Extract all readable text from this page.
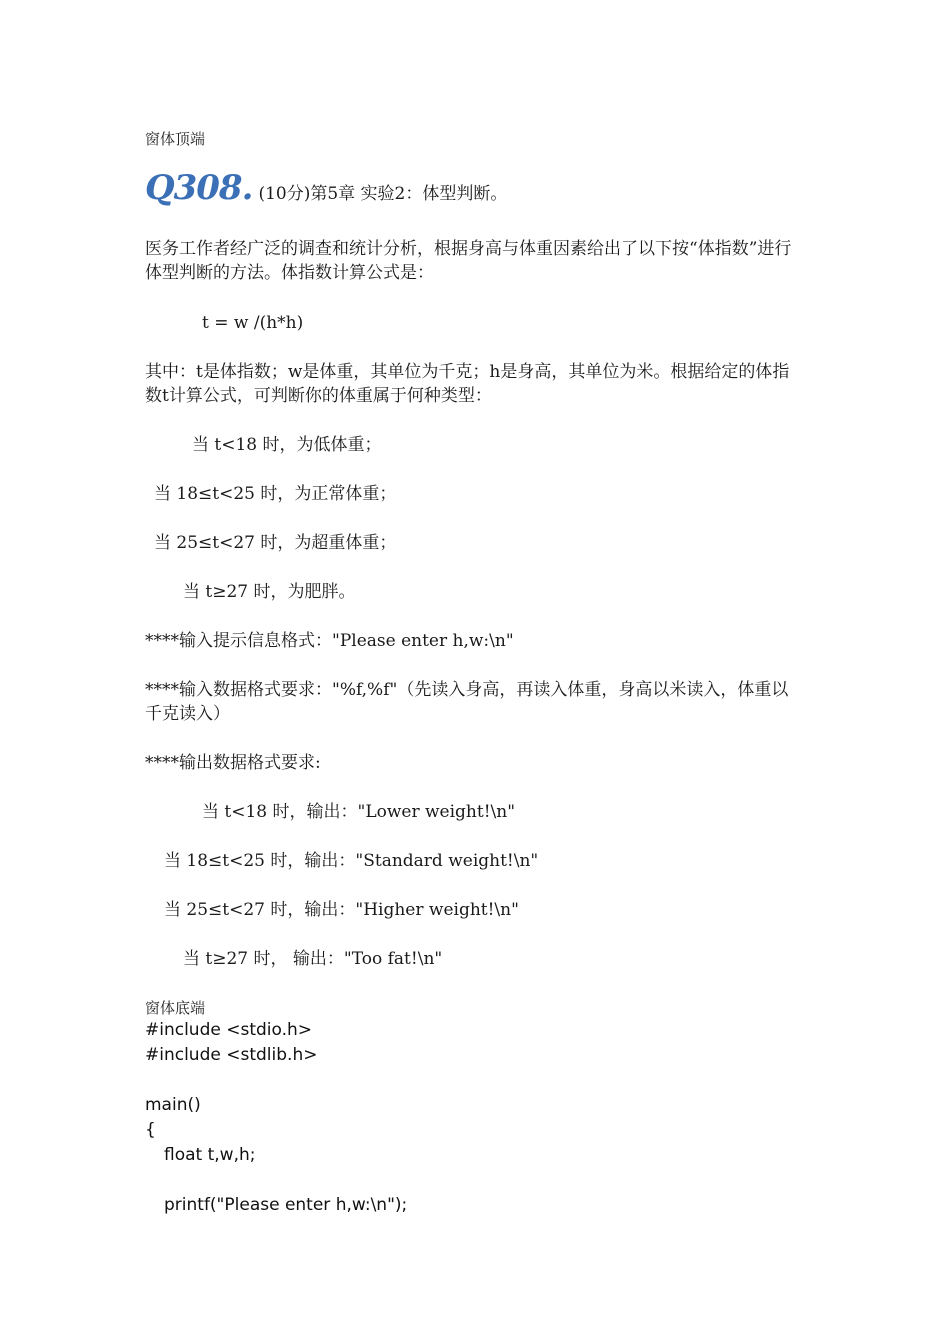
窗体顶端
Q308. (10分)第5章 实验2：体型判断。
医务工作者经广泛的调查和统计分析，根据身高与体重因素给出了以下按“体指数”进行体型判断的方法。体指数计算公式是：
t = w /(h*h)
其中：t是体指数；w是体重，其单位为千克；h是身高，其单位为米。根据给定的体指数t计算公式，可判断你的体重属于何种类型：
当 t<18 时，为低体重；
当 18≤t<25 时，为正常体重；
当 25≤t<27 时，为超重体重；
当 t≥27 时，为肥胖。
****输入提示信息格式："Please enter h,w:\n"
****输入数据格式要求："%f,%f"（先读入身高，再读入体重，身高以米读入，体重以千克读入）
****输出数据格式要求:
当 t<18 时，输出："Lower weight!\n"
当 18≤t<25 时，输出："Standard weight!\n"
当 25≤t<27 时，输出："Higher weight!\n"
当 t≥27 时， 输出："Too fat!\n"
窗体底端
#include <stdio.h>
#include <stdlib.h>
main()
{
float t,w,h;
printf("Please enter h,w:\n");
